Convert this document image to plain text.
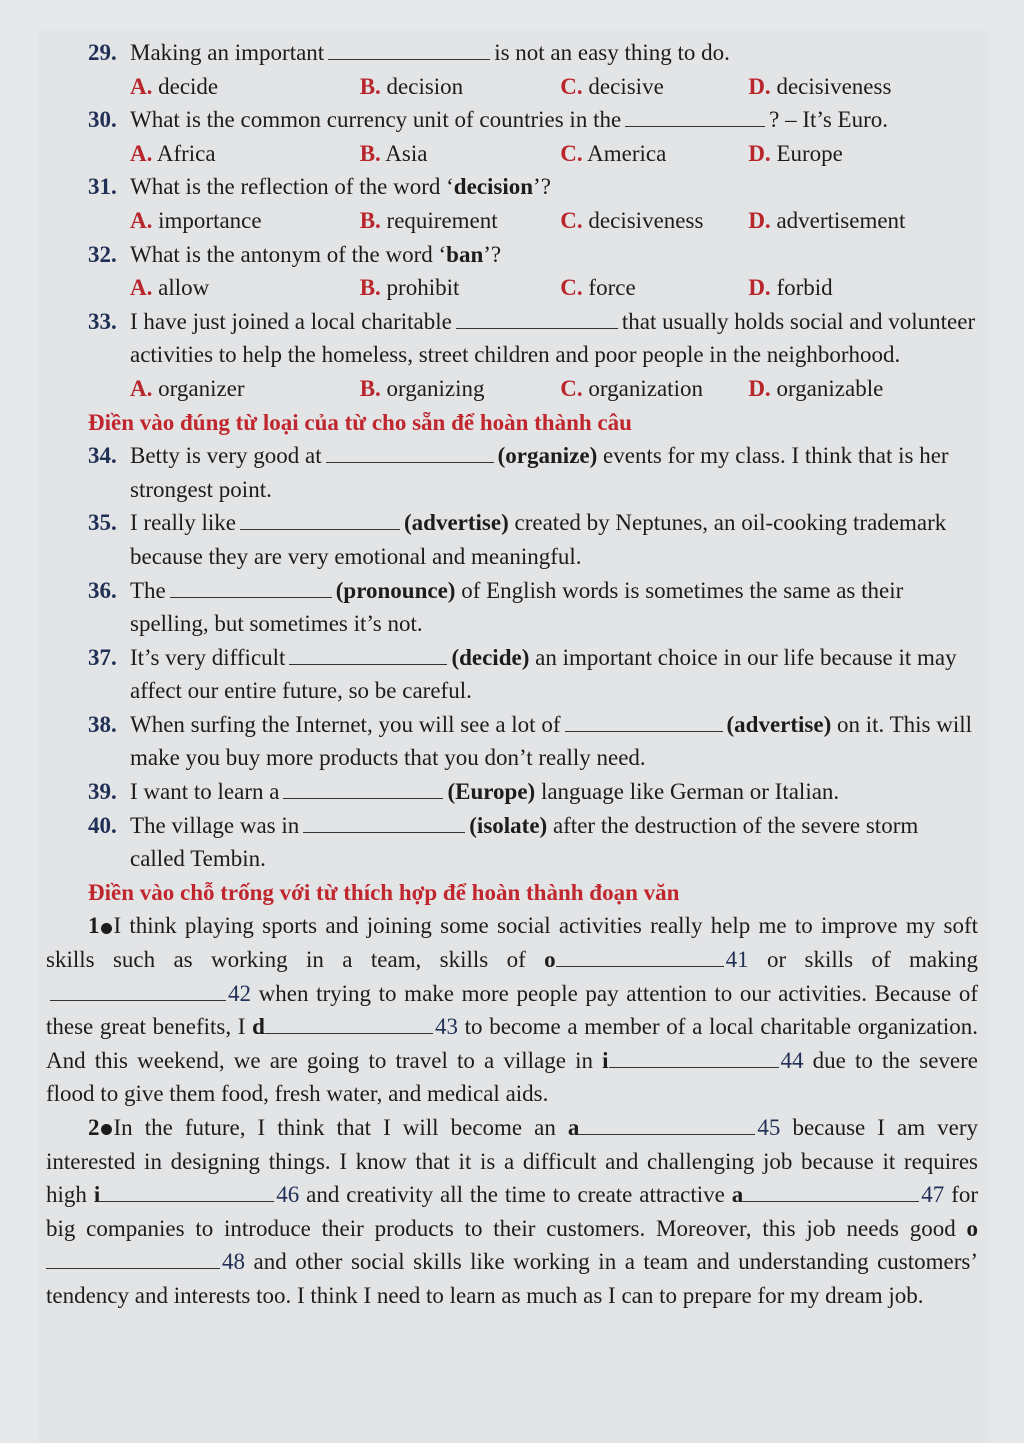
29. Making an important	is not an easy thing to do.
A. decide	B. decision	C. decisive	D. decisiveness
30. What is the common currency unit of countries in the	? – It’s Euro.
A. Africa	B. Asia	C. America	D. Europe
31. What is the reflection of the word ‘decision’?
A. importance	B. requirement	C. decisiveness	D. advertisement
32. What is the antonym of the word ‘ban’?
A. allow	B. prohibit	C. force	D. forbid
33. I have just joined a local charitable	that usually holds social and volunteer activities to help the homeless, street children and poor people in the neighborhood.
A. organizer	B. organizing	C. organization	D. organizable
Điền vào đúng từ loại của từ cho sẵn để hoàn thành câu
34. Betty is very good at	(organize) events for my class. I think that is her strongest point.
35. I really like	(advertise) created by Neptunes, an oil-cooking trademark because they are very emotional and meaningful.
36. The	(pronounce) of English words is sometimes the same as their spelling, but sometimes it’s not.
37. It’s very difficult	(decide) an important choice in our life because it may affect our entire future, so be careful.
38. When surfing the Internet, you will see a lot of	(advertise) on it. This will make you buy more products that you don’t really need.
39. I want to learn a	(Europe) language like German or Italian.
40. The village was in	(isolate) after the destruction of the severe storm called Tembin.
Điền vào chỗ trống với từ thích hợp để hoàn thành đoạn văn
1 I think playing sports and joining some social activities really help me to improve my soft skills such as working in a team, skills of o	41 or skills of making 42 when trying to make more people pay attention to our activities. Because of these great benefits, I d	43 to become a member of a local charitable organization. And this weekend, we are going to travel to a village in i	44 due to the severe flood to give them food, fresh water, and medical aids.
2 In the future, I think that I will become an a	45 because I am very interested in designing things. I know that it is a difficult and challenging job because it requires high i	46 and creativity all the time to create attractive a	47 for big companies to introduce their products to their customers. Moreover, this job needs good o48 and other social skills like working in a team and understanding customers’ tendency and interests too. I think I need to learn as much as I can to prepare for my dream job.
